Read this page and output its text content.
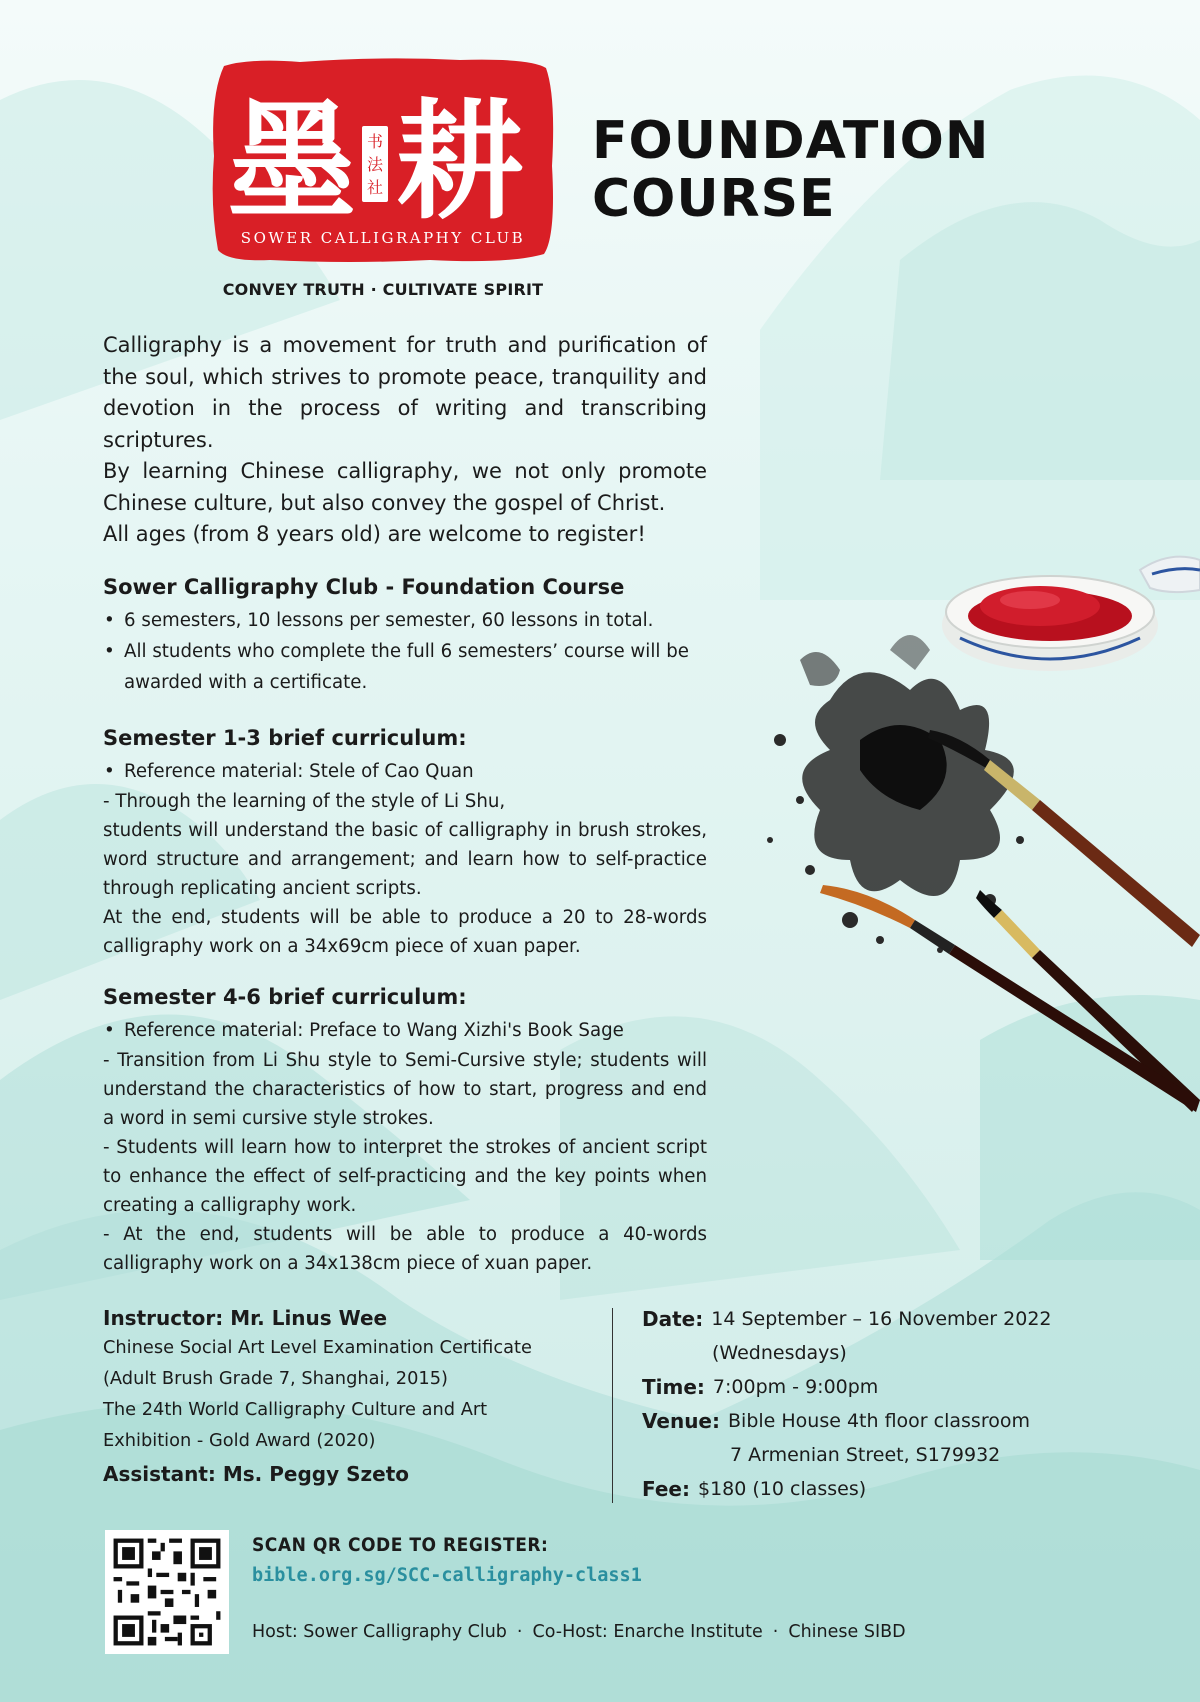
墨 耕
书
法
社
SOWER CALLIGRAPHY CLUB
CONVEY TRUTH · CULTIVATE SPIRIT
FOUNDATION
COURSE

Calligraphy is a movement for truth and purification of the soul, which strives to promote peace, tranquility and devotion in the process of writing and transcribing scriptures.

By learning Chinese calligraphy, we not only promote Chinese culture, but also convey the gospel of Christ.

All ages (from 8 years old) are welcome to register!

Sower Calligraphy Club - Foundation Course
• 6 semesters, 10 lessons per semester, 60 lessons in total.
• All students who complete the full 6 semesters’ course will be awarded with a certificate.
Semester 1-3 brief curriculum:
• Reference material: Stele of Cao Quan

- Through the learning of the style of Li Shu,

students will understand the basic of calligraphy in brush strokes, word structure and arrangement; and learn how to self-practice through replicating ancient scripts.

At the end, students will be able to produce a 20 to 28-words calligraphy work on a 34x69cm piece of xuan paper.

Semester 4-6 brief curriculum:
• Reference material: Preface to Wang Xizhi's Book Sage

- Transition from Li Shu style to Semi-Cursive style; students will understand the characteristics of how to start, progress and end a word in semi cursive style strokes.

- Students will learn how to interpret the strokes of ancient script to enhance the effect of self-practicing and the key points when creating a calligraphy work.

- At the end, students will be able to produce a 40-words calligraphy work on a 34x138cm piece of xuan paper.

Instructor: Mr. Linus Wee
Chinese Social Art Level Examination Certificate
(Adult Brush Grade 7, Shanghai, 2015)
The 24th World Calligraphy Culture and Art
Exhibition - Gold Award (2020)
Assistant: Ms. Peggy Szeto
Date: 14 September – 16 November 2022
(Wednesdays)
Time: 7:00pm - 9:00pm
Venue: Bible House 4th floor classroom
7 Armenian Street, S179932
Fee: $180 (10 classes)
SCAN QR CODE TO REGISTER:
bible.org.sg/SCC-calligraphy-class1
Host: Sower Calligraphy Club · Co-Host: Enarche Institute · Chinese SIBD
